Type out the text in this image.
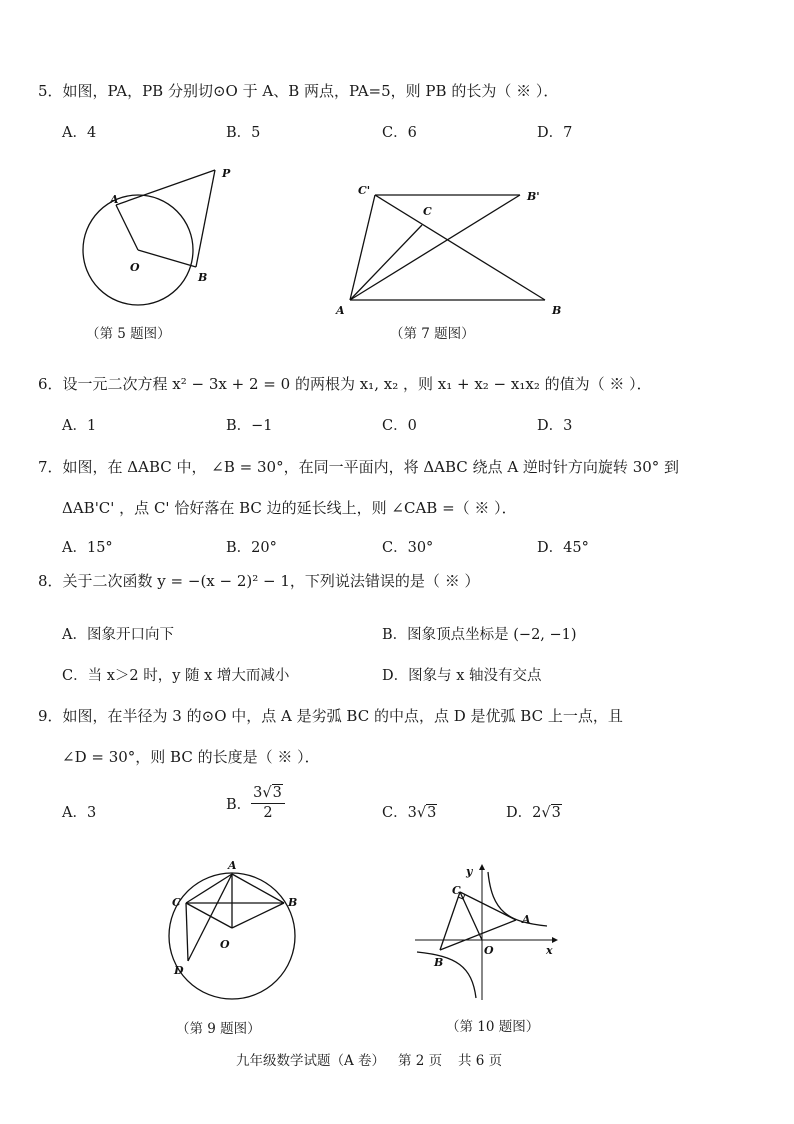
5．如图，PA，PB 分别切⊙O 于 A、B 两点，PA=5，则 PB 的长为（ ※ ）．
A．4	B．5	C．6	D．7
A
P
O
B
（第 5 题图）
C'
C
B'
A	B
（第 7 题图）
6．设一元二次方程 x² − 3x + 2 = 0 的两根为 x₁, x₂ ，则 x₁ + x₂ − x₁x₂ 的值为（ ※ ）．
A．1	B．−1	C．0	D．3
7．如图，在 ΔABC 中， ∠B = 30°，在同一平面内，将 ΔABC 绕点 A 逆时针方向旋转 30° 到
ΔAB'C' ，点 C' 恰好落在 BC 边的延长线上，则 ∠CAB =（ ※ ）．
A．15°	B．20°	C．30°	D．45°
8．关于二次函数 y = −(x − 2)² − 1，下列说法错误的是（ ※ ）
A．图象开口向下	B．图象顶点坐标是 (−2, −1)
C．当 x＞2 时，y 随 x 增大而减小	D．图象与 x 轴没有交点
9．如图，在半径为 3 的⊙O 中，点 A 是劣弧 BC 的中点，点 D 是优弧 BC 上一点，且
∠D = 30°，则 BC 的长度是（ ※ ）．
A．3	B． $\frac{3√3}{2}$	C．3√3	D．2√3
A
C	B
O
D
（第 9 题图）
y
x
O
A
B
C
（第 10 题图）
九年级数学试题（A 卷） 第 2 页 共 6 页
